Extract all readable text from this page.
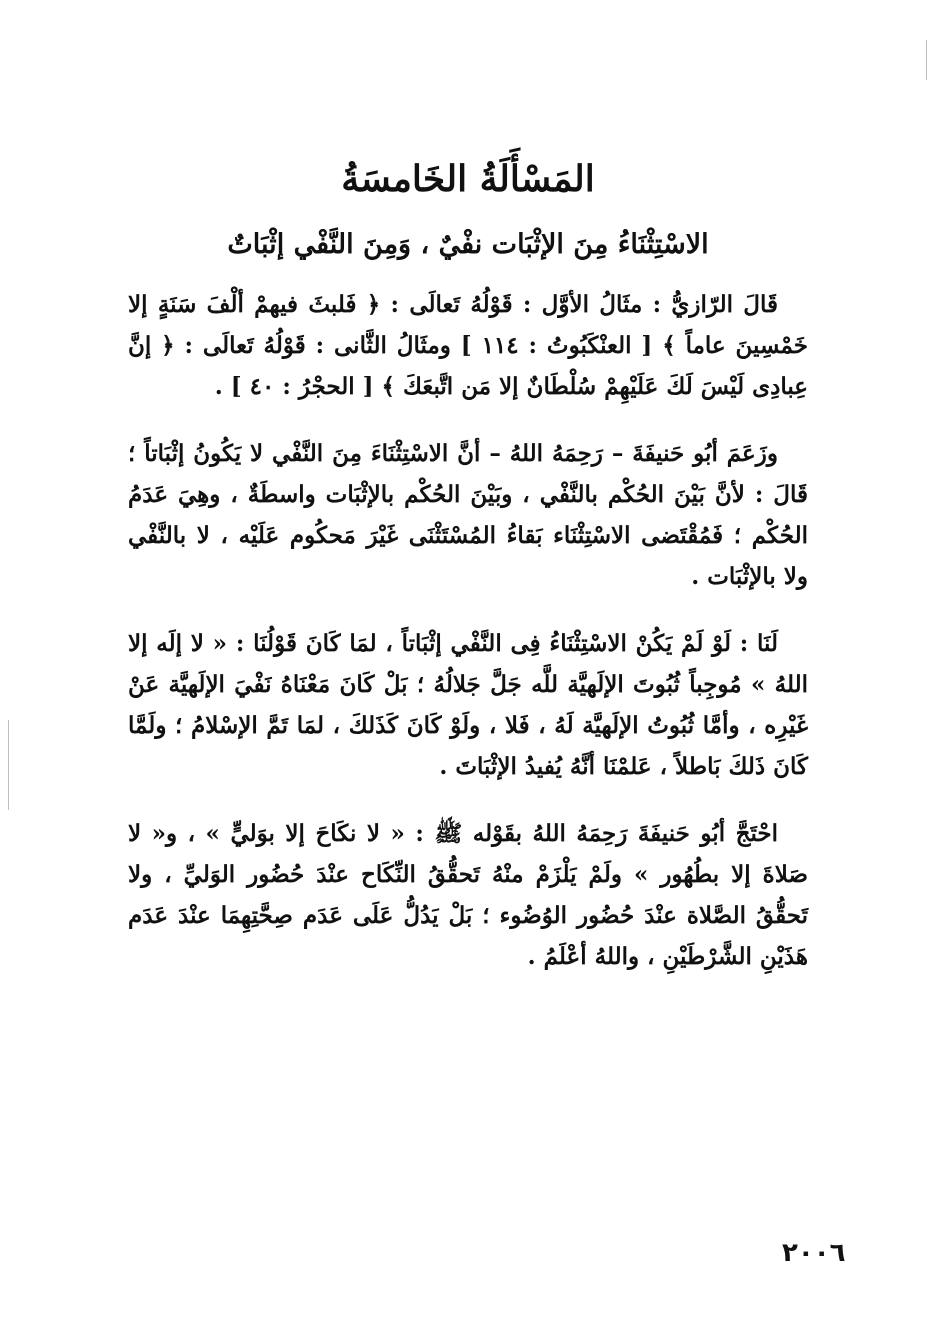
المَسْأَلَةُ الخَامسَةُ
الاسْتِثْنَاءُ مِنَ الإثْبَات نفْيٌ ، وَمِنَ النَّفْي إثْبَاتٌ

قَالَ الرّازيُّ : مثَالُ الأوَّل : قَوْلُهُ تَعالَى : ﴿ فَلبثَ فيهمْ ألْفَ سَنَةٍ إلا خَمْسِينَ عاماً ﴾ [ العنْكَبُوتُ : ١١٤ ] ومثَالُ الثَّانى : قَوْلُهُ تَعالَى : ﴿ إنَّ عِبادِى لَيْسَ لَكَ عَلَيْهِمْ سُلْطَانٌ إلا مَن اتَّبعَكَ ﴾ [ الحجْرُ : ٤٠ ] .

وزَعَمَ أبُو حَنيفَةَ – رَحِمَهُ اللهُ – أنَّ الاسْتِثْنَاءَ مِنَ النَّفْي لا يَكُونُ إثْبَاتاً ؛ قَالَ : لأنَّ بَيْنَ الحُكْم بالنَّفْي ، وبَيْنَ الحُكْم بالإثْبَات واسطَةٌ ، وهِيَ عَدَمُ الحُكْم ؛ فَمُقْتَضى الاسْتِثْنَاء بَقاءُ المُسْتَثْنَى غَيْرَ مَحكُوم عَلَيْه ، لا بالنَّفْي ولا بالإثْبَات .

لَنَا : لَوْ لَمْ يَكُنْ الاسْتِثْنَاءُ فِى النَّفْي إثْبَاتاً ، لمَا كَانَ قَوْلُنَا : « لا إلَه إلا اللهُ » مُوجِباً ثُبُوتَ الإلَهيَّة للَّه جَلَّ جَلالُهُ ؛ بَلْ كَانَ مَعْنَاهُ نَفْيَ الإلَهيَّة عَنْ غَيْرِه ، وأمَّا ثُبُوتُ الإلَهيَّة لَهُ ، فَلا ، ولَوْ كَانَ كَذَلكَ ، لمَا تَمَّ الإسْلامُ ؛ ولَمَّا كَانَ ذَلكَ بَاطلاً ، عَلمْنَا أنَّهُ يُفيدُ الإثْبَاتَ .

احْتَجَّ أبُو حَنيفَةَ رَحِمَهُ اللهُ بقَوْله ﷺ : « لا نكَاحَ إلا بوَليٍّ » ، و« لا صَلاةَ إلا بطُهُور » ولَمْ يَلْزَمْ منْهُ تَحقُّقُ النِّكَاح عنْدَ حُضُور الوَليِّ ، ولا تَحقُّقُ الصَّلاة عنْدَ حُضُور الوُضُوء ؛ بَلْ يَدُلُّ عَلَى عَدَم صِحَّتِهِمَا عنْدَ عَدَم هَذَيْنِ الشَّرْطَيْنِ ، واللهُ أعْلَمُ .

٢٠٠٦
